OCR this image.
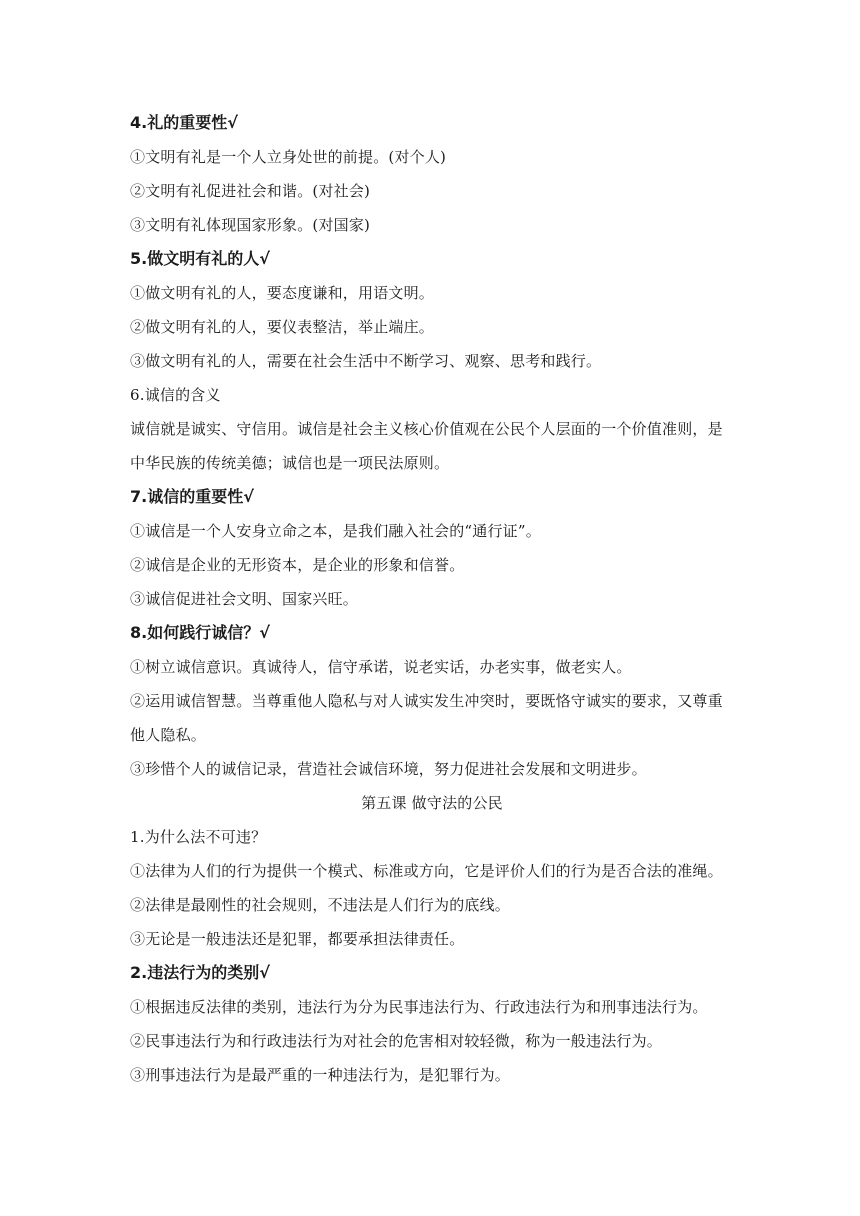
4.礼的重要性√
①文明有礼是一个人立身处世的前提。(对个人)
②文明有礼促进社会和谐。(对社会)
③文明有礼体现国家形象。(对国家)
5.做文明有礼的人√
①做文明有礼的人，要态度谦和，用语文明。
②做文明有礼的人，要仪表整洁，举止端庄。
③做文明有礼的人，需要在社会生活中不断学习、观察、思考和践行。
6.诚信的含义
诚信就是诚实、守信用。诚信是社会主义核心价值观在公民个人层面的一个价值准则，是中华民族的传统美德；诚信也是一项民法原则。
7.诚信的重要性√
①诚信是一个人安身立命之本，是我们融入社会的“通行证”。
②诚信是企业的无形资本，是企业的形象和信誉。
③诚信促进社会文明、国家兴旺。
8.如何践行诚信？√
①树立诚信意识。真诚待人，信守承诺，说老实话，办老实事，做老实人。
②运用诚信智慧。当尊重他人隐私与对人诚实发生冲突时，要既恪守诚实的要求，又尊重他人隐私。
③珍惜个人的诚信记录，营造社会诚信环境，努力促进社会发展和文明进步。
第五课 做守法的公民
1.为什么法不可违？
①法律为人们的行为提供一个模式、标准或方向，它是评价人们的行为是否合法的准绳。
②法律是最刚性的社会规则，不违法是人们行为的底线。
③无论是一般违法还是犯罪，都要承担法律责任。
2.违法行为的类别√
①根据违反法律的类别，违法行为分为民事违法行为、行政违法行为和刑事违法行为。
②民事违法行为和行政违法行为对社会的危害相对较轻微，称为一般违法行为。
③刑事违法行为是最严重的一种违法行为，是犯罪行为。
